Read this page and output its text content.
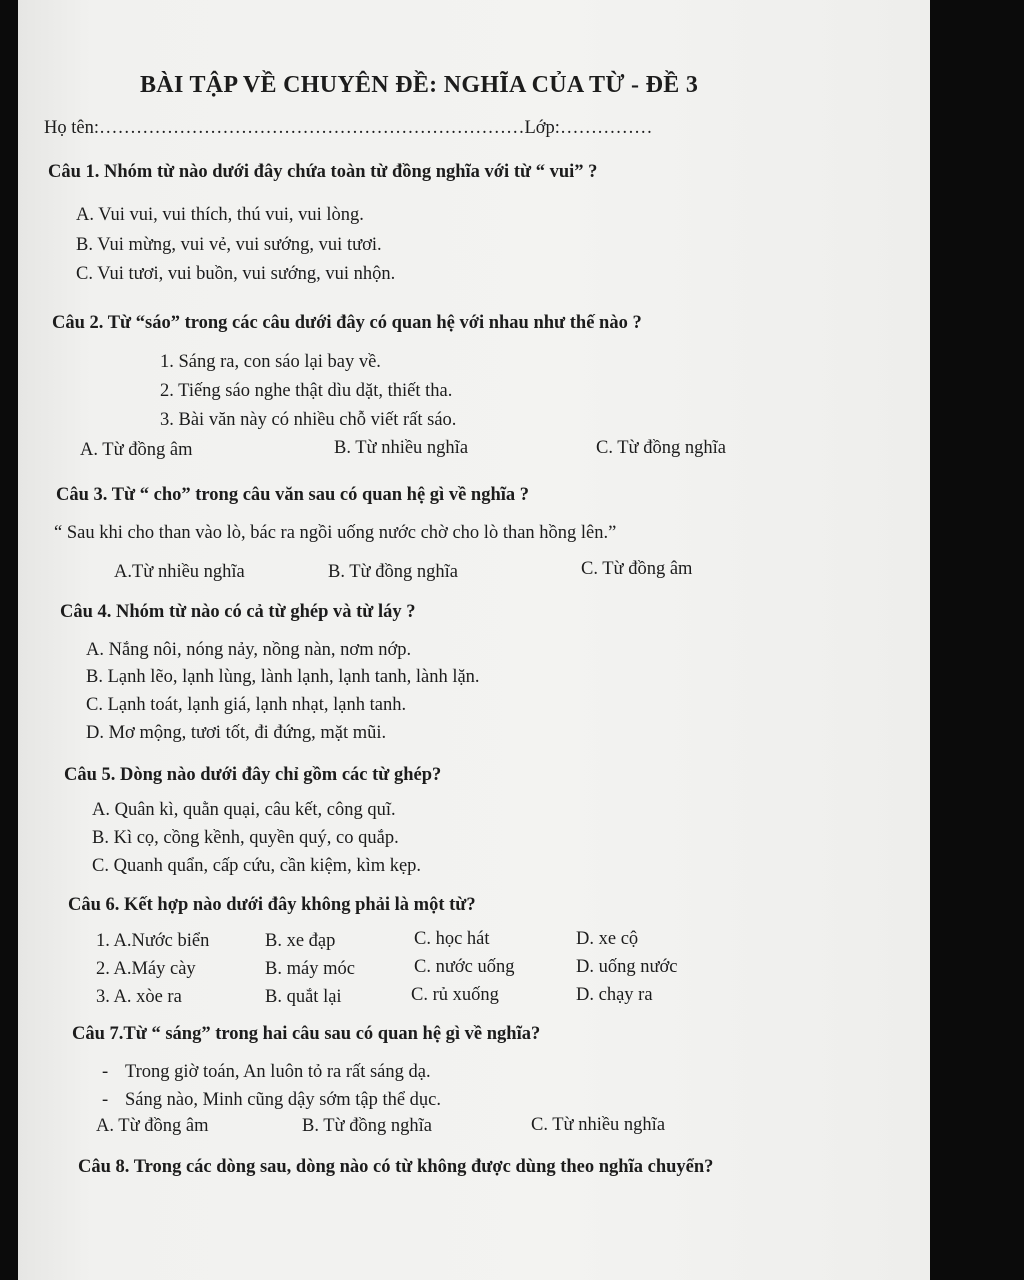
BÀI TẬP VỀ CHUYÊN ĐỀ: NGHĨA CỦA TỪ - ĐỀ 3
Họ tên:……………………………………………………………Lớp:……………
Câu 1. Nhóm từ nào dưới đây chứa toàn từ đồng nghĩa với từ “ vui” ?
A. Vui vui, vui thích, thú vui, vui lòng.
B. Vui mừng, vui vẻ, vui sướng, vui tươi.
C. Vui tươi, vui buồn, vui sướng, vui nhộn.
Câu 2. Từ “sáo” trong các câu dưới đây có quan hệ với nhau như thế nào ?
1. Sáng ra, con sáo lại bay về.
2. Tiếng sáo nghe thật dìu dặt, thiết tha.
3. Bài văn này có nhiều chỗ viết rất sáo.
A. Từ đồng âm	B. Từ nhiều nghĩa	C. Từ đồng nghĩa
Câu 3. Từ “ cho” trong câu văn sau có quan hệ gì về nghĩa ?
“ Sau khi cho than vào lò, bác ra ngồi uống nước chờ cho lò than hồng lên.”
A.Từ nhiều nghĩa	B. Từ đồng nghĩa	C. Từ đồng âm
Câu 4. Nhóm từ nào có cả từ ghép và từ láy ?
A. Nắng nôi, nóng nảy, nồng nàn, nơm nớp.
B. Lạnh lẽo, lạnh lùng, lành lạnh, lạnh tanh, lành lặn.
C. Lạnh toát, lạnh giá, lạnh nhạt, lạnh tanh.
D. Mơ mộng, tươi tốt, đi đứng, mặt mũi.
Câu 5. Dòng nào dưới đây chỉ gồm các từ ghép?
A. Quân kì, quằn quại, câu kết, công quĩ.
B. Kì cọ, cồng kềnh, quyền quý, co quắp.
C. Quanh quẩn, cấp cứu, cần kiệm, kìm kẹp.
Câu 6. Kết hợp nào dưới đây không phải là một từ?
1. A.Nước biển	B. xe đạp	C. học hát	D. xe cộ
2. A.Máy cày	B. máy móc	C. nước uống	D. uống nước
3. A. xòe ra	B. quắt lại	C. rủ xuống	D. chạy ra
Câu 7.Từ “ sáng” trong hai câu sau có quan hệ gì về nghĩa?
- Trong giờ toán, An luôn tỏ ra rất sáng dạ.
- Sáng nào, Minh cũng dậy sớm tập thể dục.
A. Từ đồng âm	B. Từ đồng nghĩa	C. Từ nhiều nghĩa
Câu 8. Trong các dòng sau, dòng nào có từ không được dùng theo nghĩa chuyển?
